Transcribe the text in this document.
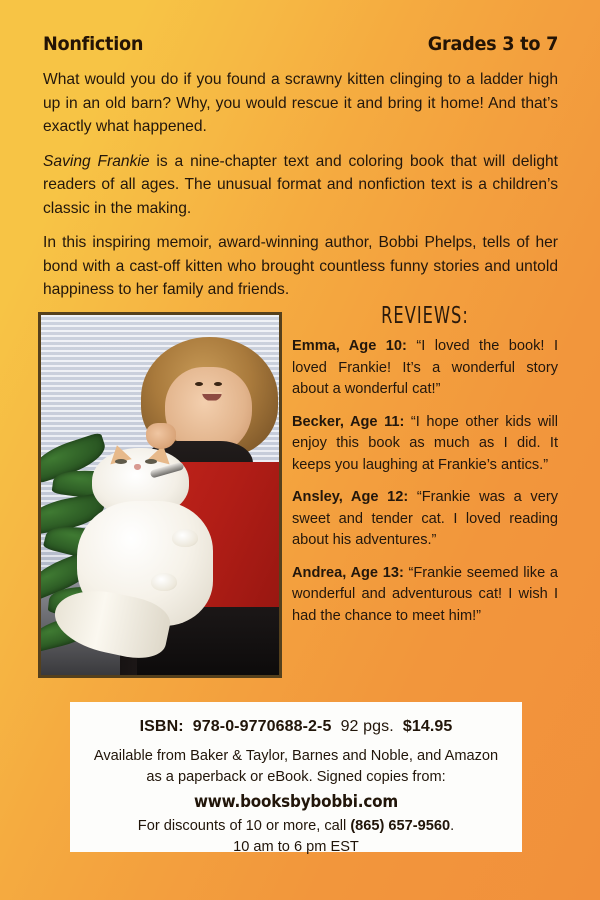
Nonfiction	Grades 3 to 7

What would you do if you found a scrawny kitten clinging to a ladder high up in an old barn? Why, you would rescue it and bring it home! And that’s exactly what happened.

Saving Frankie is a nine-chapter text and coloring book that will delight readers of all ages. The unusual format and nonfiction text is a children’s classic in the making.

In this inspiring memoir, award-winning author, Bobbi Phelps, tells of her bond with a cast-off kitten who brought countless funny stories and untold happiness to her family and friends.

REVIEWS:

Emma, Age 10: “I loved the book! I loved Frankie! It’s a wonderful story about a wonderful cat!”

Becker, Age 11: “I hope other kids will enjoy this book as much as I did. It keeps you laughing at Frankie’s antics.”

Ansley, Age 12: “Frankie was a very sweet and tender cat. I loved reading about his adventures.”

Andrea, Age 13: “Frankie seemed like a wonderful and adventurous cat! I wish I had the chance to meet him!”

ISBN: 978-0-9770688-2-5 92 pgs. $14.95

Available from Baker & Taylor, Barnes and Noble, and Amazon as a paperback or eBook. Signed copies from:

www.booksbybobbi.com

For discounts of 10 or more, call (865) 657-9560.

10 am to 6 pm EST
